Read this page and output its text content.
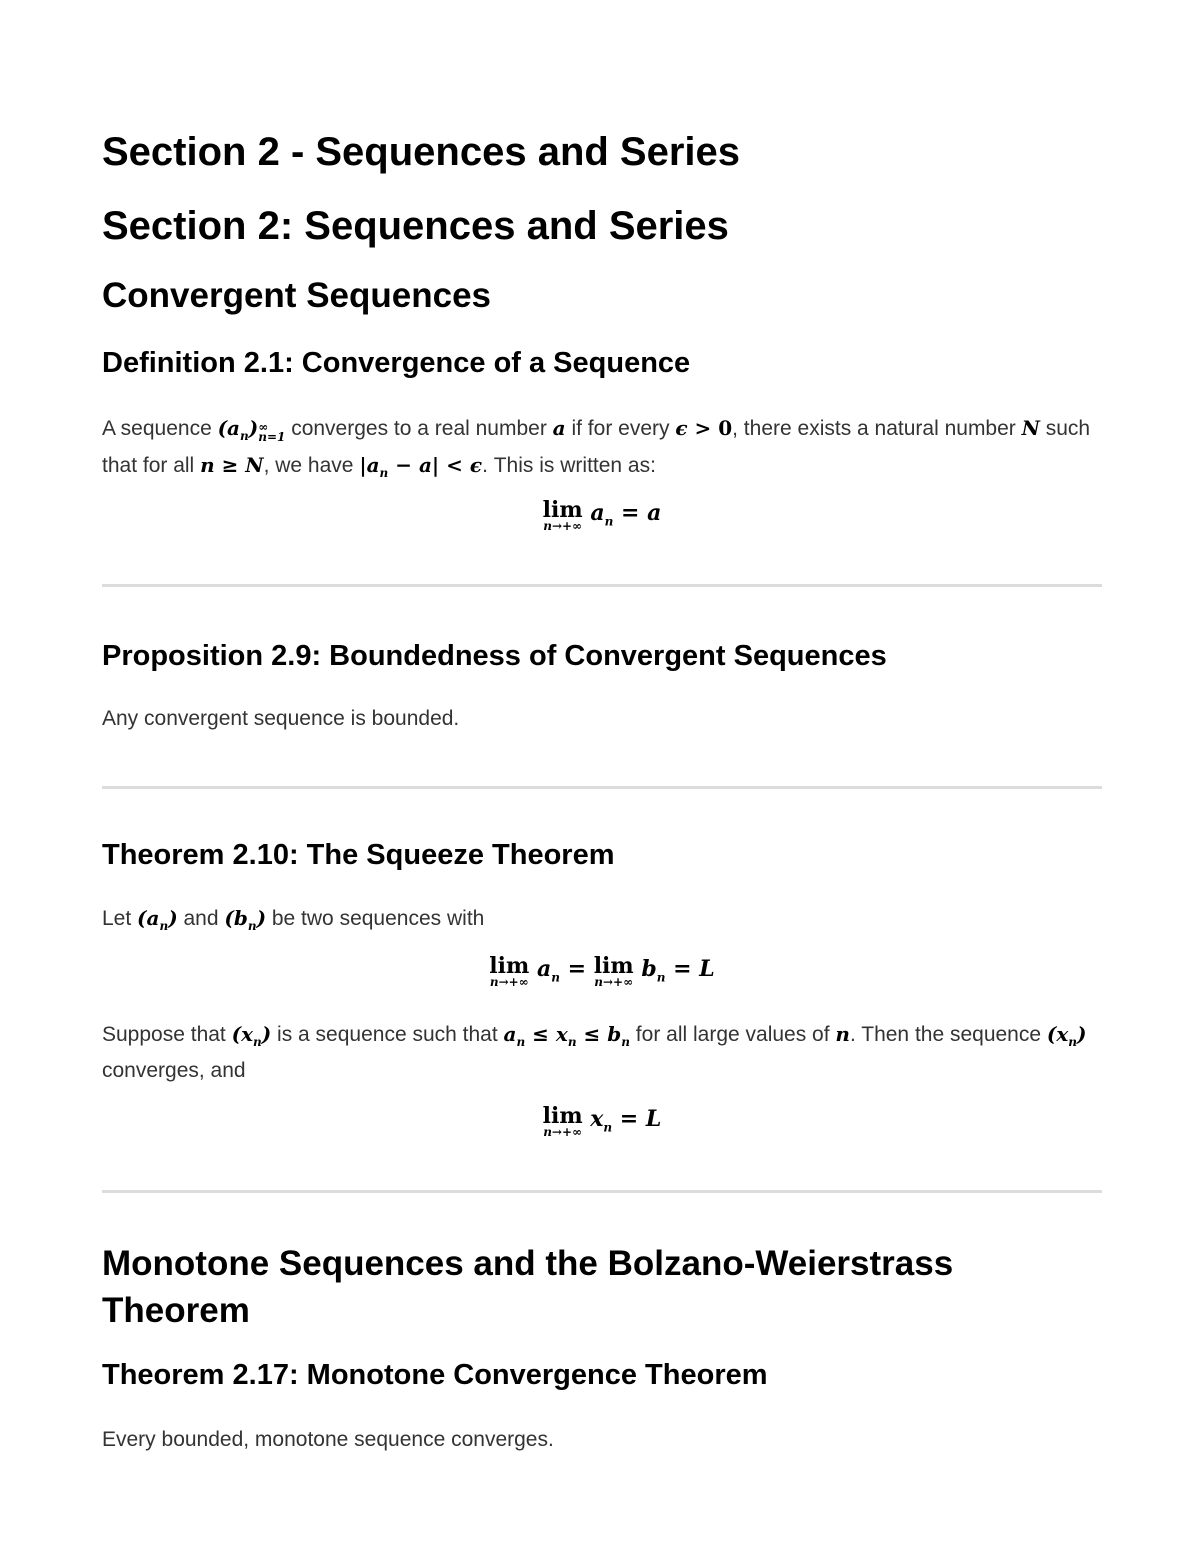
Section 2 - Sequences and Series
Section 2: Sequences and Series
Convergent Sequences
Definition 2.1: Convergence of a Sequence

A sequence $(a_n)$ ∞
n=1 converges to a real number a if for every ϵ > 0, there exists a natural number N such that for all n ≥ N, we have $|a_n - a| < \epsilon$. This is written as:

lim
n→+∞ $a_n = a$
Proposition 2.9: Boundedness of Convergent Sequences

Any convergent sequence is bounded.

Theorem 2.10: The Squeeze Theorem

Let $(a_n)$ and $(b_n)$ be two sequences with

lim
n→+∞ $a_n = \lim$
n→+∞ $b_n = L$

Suppose that $(x_n)$ is a sequence such that $a_n \le x_n \le b_n$ for all large values of n. Then the sequence $(x_n)$ converges, and

lim
n→+∞ $x_n = L$
Monotone Sequences and the Bolzano-Weierstrass Theorem
Theorem 2.17: Monotone Convergence Theorem

Every bounded, monotone sequence converges.
